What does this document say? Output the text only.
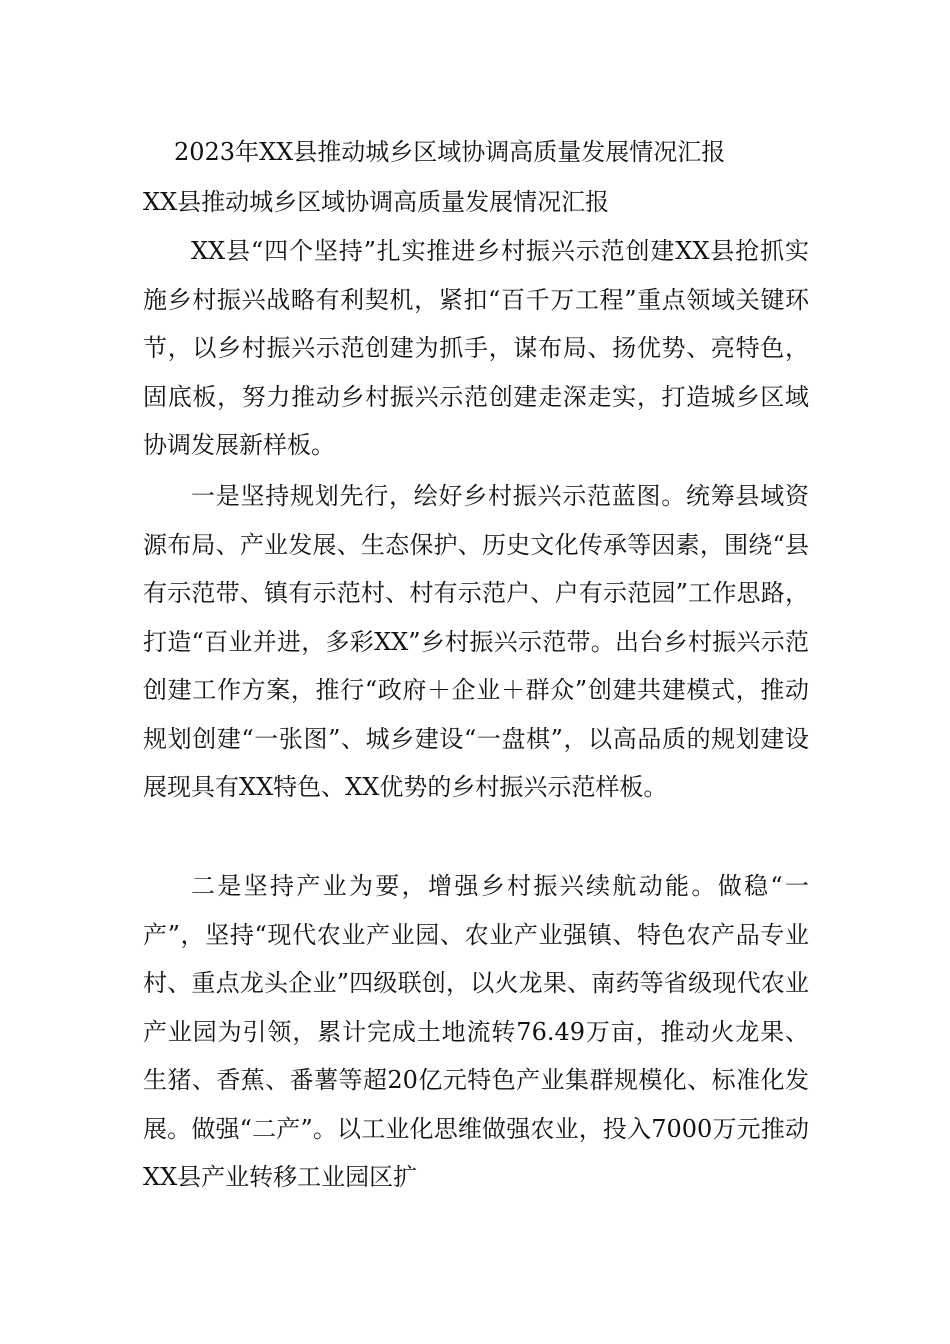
2023年XX县推动城乡区域协调高质量发展情况汇报

XX县推动城乡区域协调高质量发展情况汇报

XX县“四个坚持”扎实推进乡村振兴示范创建XX县抢抓实施乡村振兴战略有利契机，紧扣“百千万工程”重点领域关键环节，以乡村振兴示范创建为抓手，谋布局、扬优势、亮特色，固底板，努力推动乡村振兴示范创建走深走实，打造城乡区域协调发展新样板。

一是坚持规划先行，绘好乡村振兴示范蓝图。统筹县域资源布局、产业发展、生态保护、历史文化传承等因素，围绕“县有示范带、镇有示范村、村有示范户、户有示范园”工作思路，打造“百业并进，多彩XX”乡村振兴示范带。出台乡村振兴示范创建工作方案，推行“政府＋企业＋群众”创建共建模式，推动规划创建“一张图”、城乡建设“一盘棋”，以高品质的规划建设展现具有XX特色、XX优势的乡村振兴示范样板。

二是坚持产业为要，增强乡村振兴续航动能。做稳“一产”，坚持“现代农业产业园、农业产业强镇、特色农产品专业村、重点龙头企业”四级联创，以火龙果、南药等省级现代农业产业园为引领，累计完成土地流转76.49万亩，推动火龙果、生猪、香蕉、番薯等超20亿元特色产业集群规模化、标准化发展。做强“二产”。以工业化思维做强农业，投入7000万元推动XX县产业转移工业园区扩
